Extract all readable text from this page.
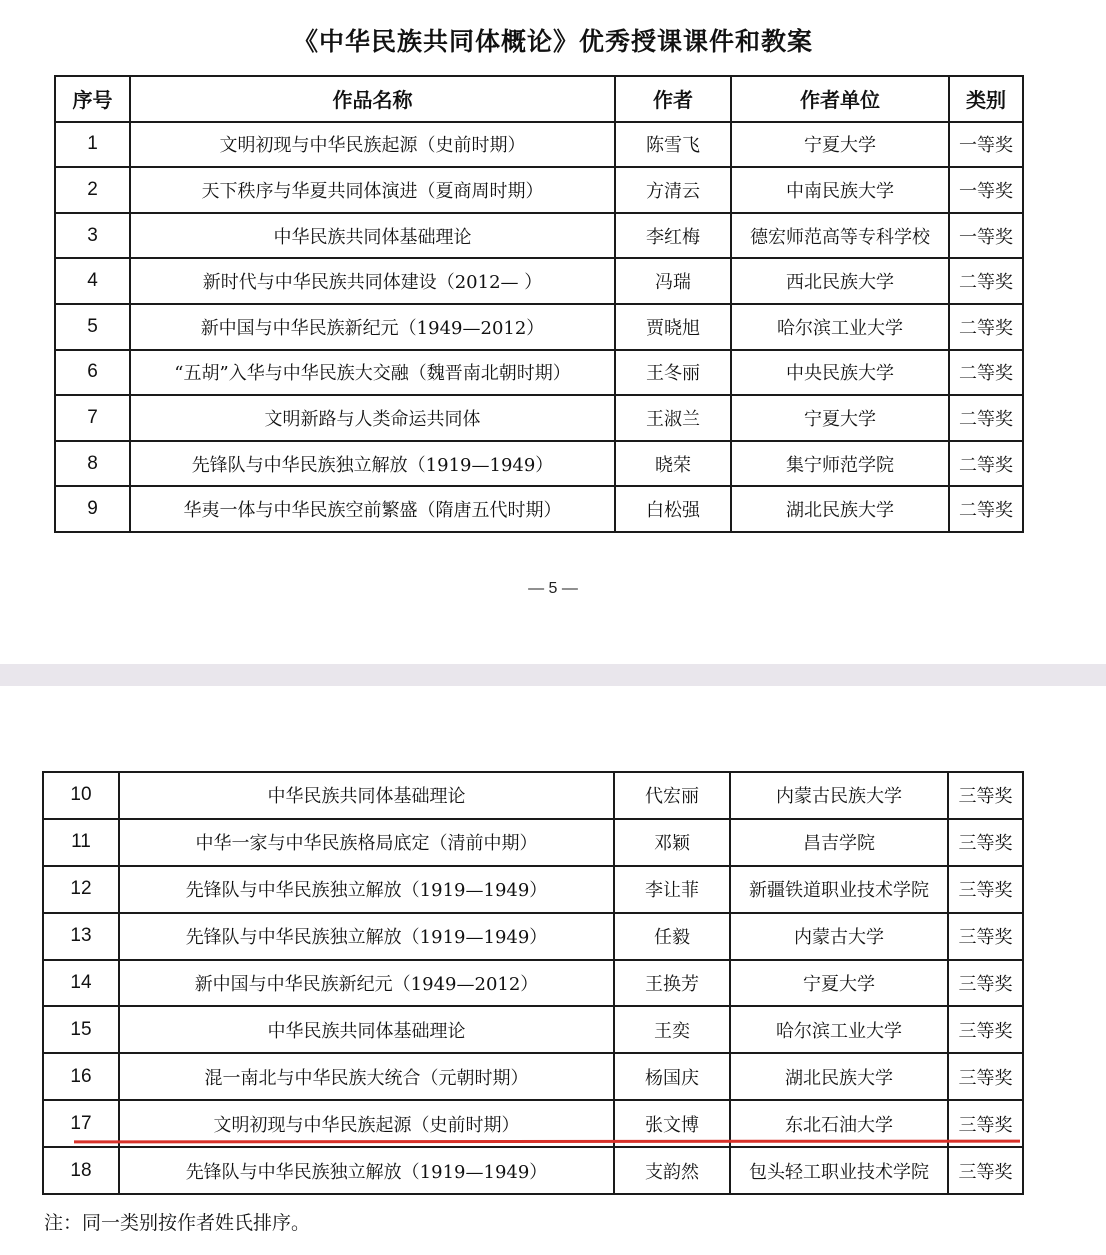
《中华民族共同体概论》优秀授课课件和教案
序号	作品名称	作者	作者单位	类别
1	文明初现与中华民族起源（史前时期）	陈雪飞	宁夏大学	一等奖
2	天下秩序与华夏共同体演进（夏商周时期）	方清云	中南民族大学	一等奖
3	中华民族共同体基础理论	李红梅	德宏师范高等专科学校	一等奖
4	新时代与中华民族共同体建设（2012— ）	冯瑞	西北民族大学	二等奖
5	新中国与中华民族新纪元（1949—2012）	贾晓旭	哈尔滨工业大学	二等奖
6	“五胡”入华与中华民族大交融（魏晋南北朝时期）	王冬丽	中央民族大学	二等奖
7	文明新路与人类命运共同体	王淑兰	宁夏大学	二等奖
8	先锋队与中华民族独立解放（1919—1949）	晓荣	集宁师范学院	二等奖
9	华夷一体与中华民族空前繁盛（隋唐五代时期）	白松强	湖北民族大学	二等奖
— 5 —
10	中华民族共同体基础理论	代宏丽	内蒙古民族大学	三等奖
11	中华一家与中华民族格局底定（清前中期）	邓颖	昌吉学院	三等奖
12	先锋队与中华民族独立解放（1919—1949）	李让菲	新疆铁道职业技术学院	三等奖
13	先锋队与中华民族独立解放（1919—1949）	任毅	内蒙古大学	三等奖
14	新中国与中华民族新纪元（1949—2012）	王换芳	宁夏大学	三等奖
15	中华民族共同体基础理论	王奕	哈尔滨工业大学	三等奖
16	混一南北与中华民族大统合（元朝时期）	杨国庆	湖北民族大学	三等奖
17	文明初现与中华民族起源（史前时期）	张文博	东北石油大学	三等奖
18	先锋队与中华民族独立解放（1919—1949）	支韵然	包头轻工职业技术学院	三等奖
注：同一类别按作者姓氏排序。
